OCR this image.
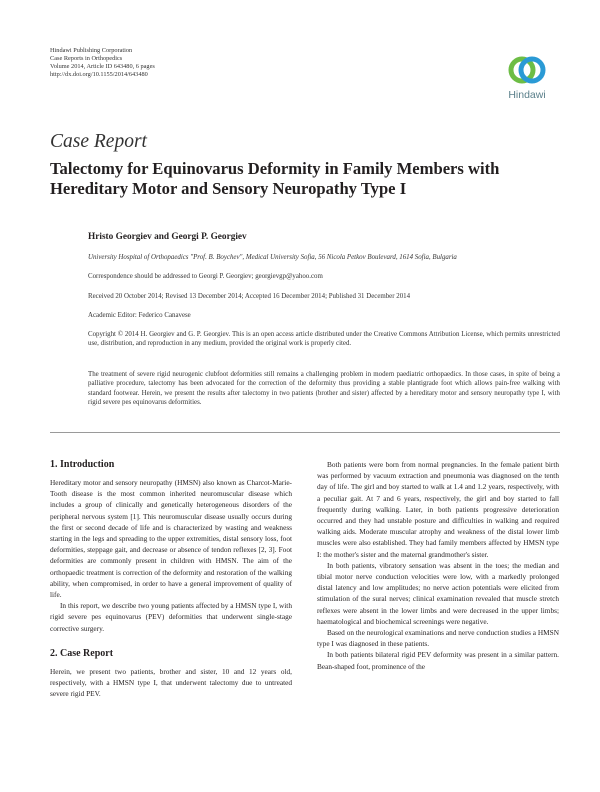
Hindawi Publishing Corporation
Case Reports in Orthopedics
Volume 2014, Article ID 643480, 6 pages
http://dx.doi.org/10.1155/2014/643480
Hindawi
Case Report
Talectomy for Equinovarus Deformity in Family Members with Hereditary Motor and Sensory Neuropathy Type I
Hristo Georgiev and Georgi P. Georgiev
University Hospital of Orthopaedics "Prof. B. Boychev", Medical University Sofia, 56 Nicola Petkov Boulevard, 1614 Sofia, Bulgaria
Correspondence should be addressed to Georgi P. Georgiev; georgievgp@yahoo.com
Received 20 October 2014; Revised 13 December 2014; Accepted 16 December 2014; Published 31 December 2014
Academic Editor: Federico Canavese
Copyright © 2014 H. Georgiev and G. P. Georgiev. This is an open access article distributed under the Creative Commons Attribution License, which permits unrestricted use, distribution, and reproduction in any medium, provided the original work is properly cited.
The treatment of severe rigid neurogenic clubfoot deformities still remains a challenging problem in modern paediatric orthopaedics. In those cases, in spite of being a palliative procedure, talectomy has been advocated for the correction of the deformity thus providing a stable plantigrade foot which allows pain-free walking with standard footwear. Herein, we present the results after talectomy in two patients (brother and sister) affected by a hereditary motor and sensory neuropathy type I, with rigid severe pes equinovarus deformities.
1. Introduction

Hereditary motor and sensory neuropathy (HMSN) also known as Charcot-Marie-Tooth disease is the most common inherited neuromuscular disease which includes a group of clinically and genetically heterogeneous disorders of the peripheral nervous system [1]. This neuromuscular disease usually occurs during the first or second decade of life and is characterized by wasting and weakness starting in the legs and spreading to the upper extremities, distal sensory loss, foot deformities, steppage gait, and decrease or absence of tendon reflexes [2, 3]. Foot deformities are commonly present in children with HMSN. The aim of the orthopaedic treatment is correction of the deformity and restoration of the walking ability, when compromised, in order to have a general improvement of quality of life.

In this report, we describe two young patients affected by a HMSN type I, with rigid severe pes equinovarus (PEV) deformities that underwent single-stage corrective surgery.

2. Case Report

Herein, we present two patients, brother and sister, 10 and 12 years old, respectively, with a HMSN type I, that underwent talectomy due to untreated severe rigid PEV.

Both patients were born from normal pregnancies. In the female patient birth was performed by vacuum extraction and pneumonia was diagnosed on the tenth day of life. The girl and boy started to walk at 1.4 and 1.2 years, respectively, with a peculiar gait. At 7 and 6 years, respectively, the girl and boy started to fall frequently during walking. Later, in both patients progressive deterioration occurred and they had unstable posture and difficulties in walking and required walking aids. Moderate muscular atrophy and weakness of the distal lower limb muscles were also established. They had family members affected by HMSN type I: the mother's sister and the maternal grandmother's sister.

In both patients, vibratory sensation was absent in the toes; the median and tibial motor nerve conduction velocities were low, with a markedly prolonged distal latency and low amplitudes; no nerve action potentials were elicited from stimulation of the sural nerves; clinical examination revealed that muscle stretch reflexes were absent in the lower limbs and were decreased in the upper limbs; haematological and biochemical screenings were negative.

Based on the neurological examinations and nerve conduction studies a HMSN type I was diagnosed in these patients.

In both patients bilateral rigid PEV deformity was present in a similar pattern. Bean-shaped foot, prominence of the
